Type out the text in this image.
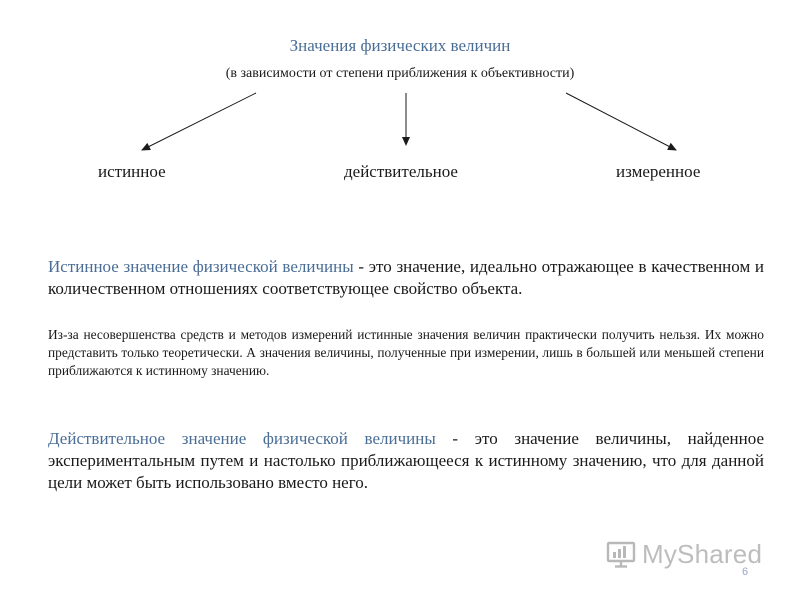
Значения физических величин
(в зависимости от степени приближения к объективности)
истинное	действительное	измеренное
Истинное значение физической величины - это значение, идеально отражающее в качественном и количественном отношениях соответствующее свойство объекта.
Из-за несовершенства средств и методов измерений истинные значения величин практически получить нельзя. Их можно представить только теоретически. А значения величины, полученные при измерении, лишь в большей или меньшей степени приближаются к истинному значению.
Действительное значение физической величины - это значение величины, найденное экспериментальным путем и настолько приближающееся к истинному значению, что для данной цели может быть использовано вместо него.
MyShared
6
